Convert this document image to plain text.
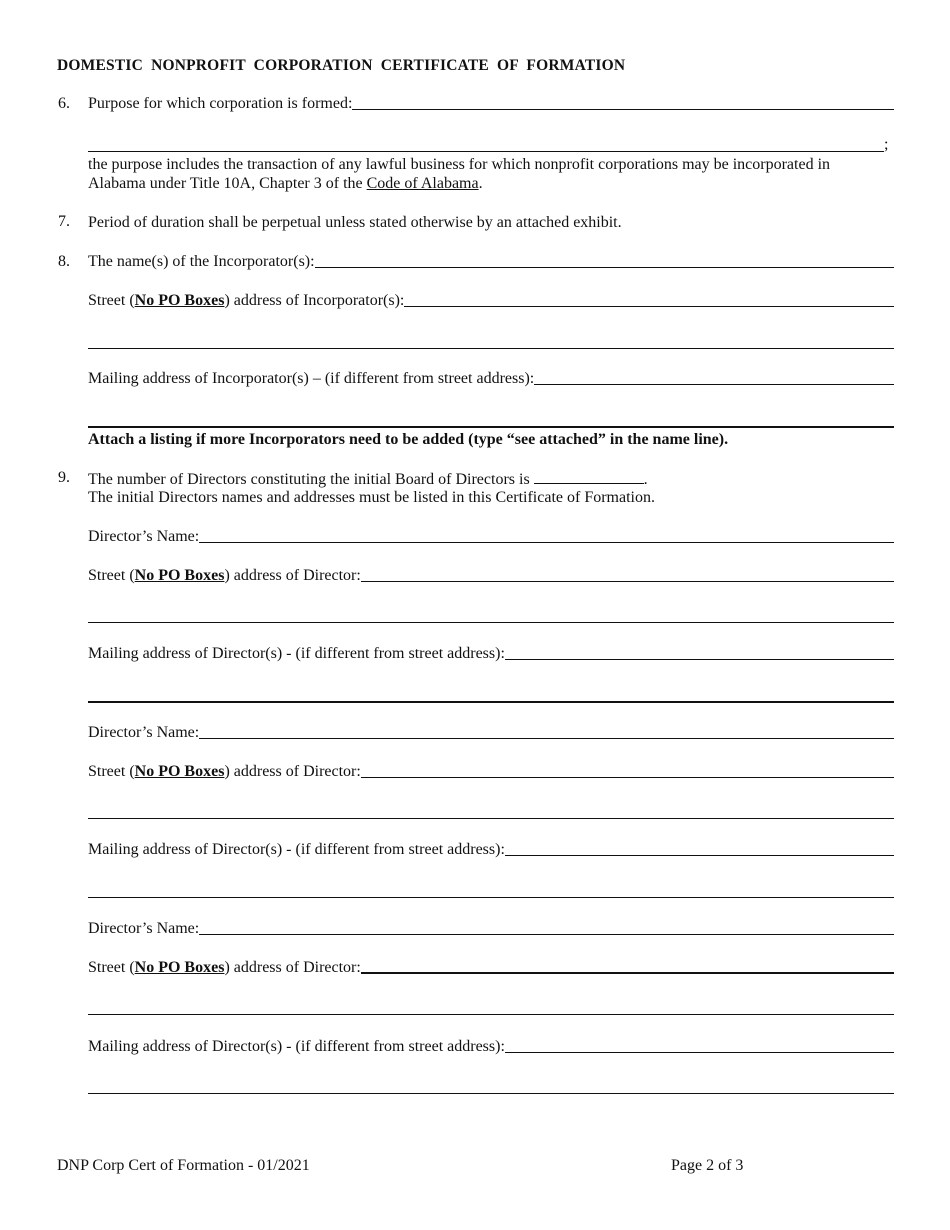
DOMESTIC NONPROFIT CORPORATION CERTIFICATE OF FORMATION
6. Purpose for which corporation is formed:
;
the purpose includes the transaction of any lawful business for which nonprofit corporations may be incorporated in Alabama under Title 10A, Chapter 3 of the Code of Alabama.
7. Period of duration shall be perpetual unless stated otherwise by an attached exhibit.
8. The name(s) of the Incorporator(s):
Street (No PO Boxes) address of Incorporator(s):
Mailing address of Incorporator(s) – (if different from street address):
Attach a listing if more Incorporators need to be added (type “see attached” in the name line).
9. The number of Directors constituting the initial Board of Directors is	.
The initial Directors names and addresses must be listed in this Certificate of Formation.
Director’s Name:
Street (No PO Boxes) address of Director:
Mailing address of Director(s) - (if different from street address):
Director’s Name:
Street (No PO Boxes) address of Director:
Mailing address of Director(s) - (if different from street address):
Director’s Name:
Street (No PO Boxes) address of Director:
Mailing address of Director(s) - (if different from street address):
DNP Corp Cert of Formation - 01/2021	Page 2 of 3
